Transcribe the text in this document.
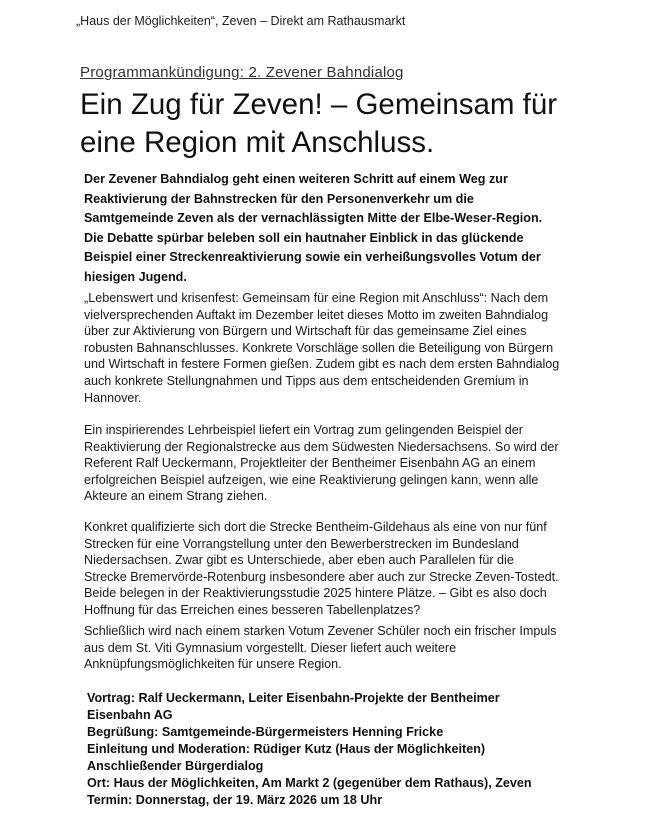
„Haus der Möglichkeiten“, Zeven – Direkt am Rathausmarkt
Programmankündigung: 2. Zevener Bahndialog
Ein Zug für Zeven! – Gemeinsam für
eine Region mit Anschluss.
Der Zevener Bahndialog geht einen weiteren Schritt auf einem Weg zur
Reaktivierung der Bahnstrecken für den Personenverkehr um die
Samtgemeinde Zeven als der vernachlässigten Mitte der Elbe-Weser-Region.
Die Debatte spürbar beleben soll ein hautnaher Einblick in das glückende
Beispiel einer Streckenreaktivierung sowie ein verheißungsvolles Votum der
hiesigen Jugend.
„Lebenswert und krisenfest: Gemeinsam für eine Region mit Anschluss“: Nach dem
vielversprechenden Auftakt im Dezember leitet dieses Motto im zweiten Bahndialog
über zur Aktivierung von Bürgern und Wirtschaft für das gemeinsame Ziel eines
robusten Bahnanschlusses. Konkrete Vorschläge sollen die Beteiligung von Bürgern
und Wirtschaft in festere Formen gießen. Zudem gibt es nach dem ersten Bahndialog
auch konkrete Stellungnahmen und Tipps aus dem entscheidenden Gremium in
Hannover.
Ein inspirierendes Lehrbeispiel liefert ein Vortrag zum gelingenden Beispiel der
Reaktivierung der Regionalstrecke aus dem Südwesten Niedersachsens. So wird der
Referent Ralf Ueckermann, Projektleiter der Bentheimer Eisenbahn AG an einem
erfolgreichen Beispiel aufzeigen, wie eine Reaktivierung gelingen kann, wenn alle
Akteure an einem Strang ziehen.
Konkret qualifizierte sich dort die Strecke Bentheim-Gildehaus als eine von nur fünf
Strecken für eine Vorrangstellung unter den Bewerberstrecken im Bundesland
Niedersachsen. Zwar gibt es Unterschiede, aber eben auch Parallelen für die
Strecke Bremervörde-Rotenburg insbesondere aber auch zur Strecke Zeven-Tostedt.
Beide belegen in der Reaktivierungsstudie 2025 hintere Plätze. – Gibt es also doch
Hoffnung für das Erreichen eines besseren Tabellenplatzes?
Schließlich wird nach einem starken Votum Zevener Schüler noch ein frischer Impuls
aus dem St. Viti Gymnasium vorgestellt. Dieser liefert auch weitere
Anknüpfungsmöglichkeiten für unsere Region.
Vortrag: Ralf Ueckermann, Leiter Eisenbahn-Projekte der Bentheimer
Eisenbahn AG
Begrüßung: Samtgemeinde-Bürgermeisters Henning Fricke
Einleitung und Moderation: Rüdiger Kutz (Haus der Möglichkeiten)
Anschließender Bürgerdialog
Ort: Haus der Möglichkeiten, Am Markt 2 (gegenüber dem Rathaus), Zeven
Termin: Donnerstag, der 19. März 2026 um 18 Uhr
